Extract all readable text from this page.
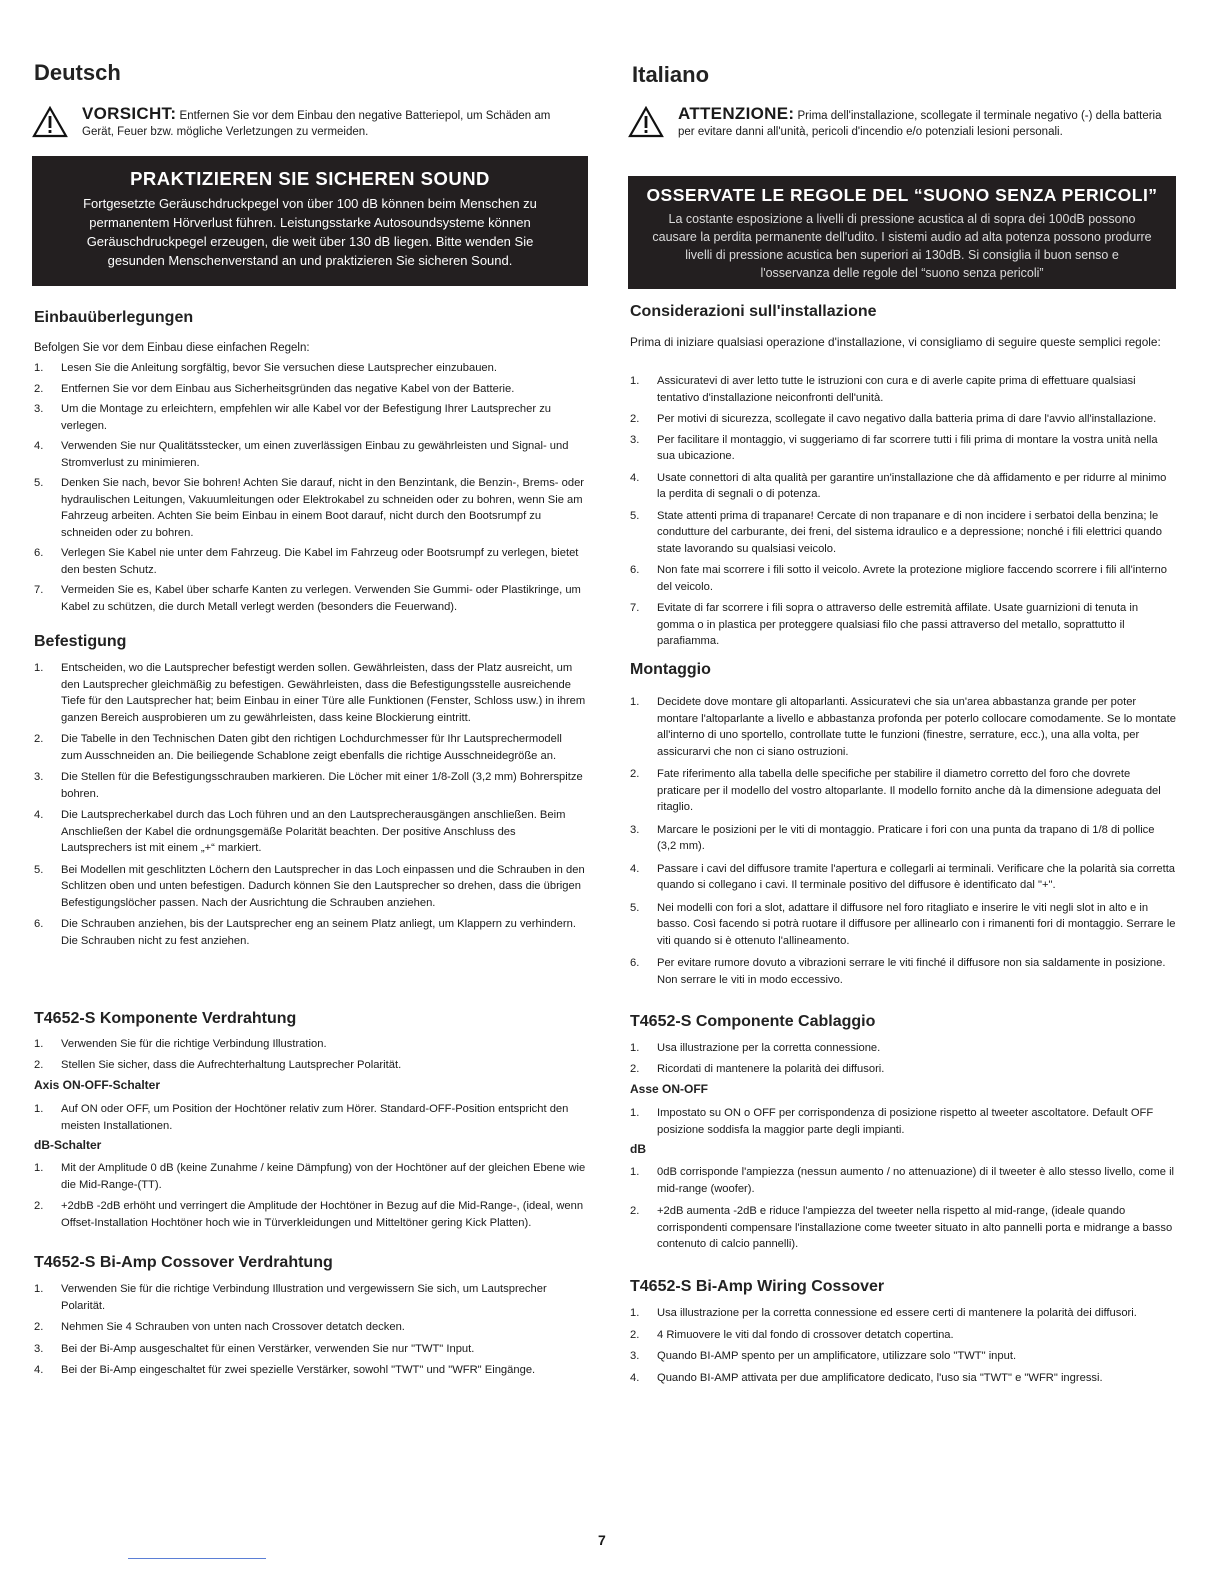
Deutsch
VORSICHT: Entfernen Sie vor dem Einbau den negative Batteriepol, um Schäden am Gerät, Feuer bzw. mögliche Verletzungen zu vermeiden.
PRAKTIZIEREN SIE SICHEREN SOUND
Fortgesetzte Geräuschdruckpegel von über 100 dB können beim Menschen zu permanentem Hörverlust führen. Leistungsstarke Autosoundsysteme können Geräuschdruckpegel erzeugen, die weit über 130 dB liegen. Bitte wenden Sie gesunden Menschenverstand an und praktizieren Sie sicheren Sound.
Einbauüberlegungen
Befolgen Sie vor dem Einbau diese einfachen Regeln:
1.	Lesen Sie die Anleitung sorgfältig, bevor Sie versuchen diese Lautsprecher einzubauen.
2.	Entfernen Sie vor dem Einbau aus Sicherheitsgründen das negative Kabel von der Batterie.
3.	Um die Montage zu erleichtern, empfehlen wir alle Kabel vor der Befestigung Ihrer Lautsprecher zu verlegen.
4.	Verwenden Sie nur Qualitätsstecker, um einen zuverlässigen Einbau zu gewährleisten und Signal- und Stromverlust zu minimieren.
5.	Denken Sie nach, bevor Sie bohren! Achten Sie darauf, nicht in den Benzintank, die Benzin-, Brems- oder hydraulischen Leitungen, Vakuumleitungen oder Elektrokabel zu schneiden oder zu bohren, wenn Sie am Fahrzeug arbeiten. Achten Sie beim Einbau in einem Boot darauf, nicht durch den Bootsrumpf zu schneiden oder zu bohren.
6.	Verlegen Sie Kabel nie unter dem Fahrzeug. Die Kabel im Fahrzeug oder Bootsrumpf zu verlegen, bietet den besten Schutz.
7.	Vermeiden Sie es, Kabel über scharfe Kanten zu verlegen. Verwenden Sie Gummi- oder Plastikringe, um Kabel zu schützen, die durch Metall verlegt werden (besonders die Feuerwand).
Befestigung
1.	Entscheiden, wo die Lautsprecher befestigt werden sollen. Gewährleisten, dass der Platz ausreicht, um den Lautsprecher gleichmäßig zu befestigen. Gewährleisten, dass die Befestigungsstelle ausreichende Tiefe für den Lautsprecher hat; beim Einbau in einer Türe alle Funktionen (Fenster, Schloss usw.) in ihrem ganzen Bereich ausprobieren um zu gewährleisten, dass keine Blockierung eintritt.
2.	Die Tabelle in den Technischen Daten gibt den richtigen Lochdurchmesser für Ihr Lautsprechermodell zum Ausschneiden an. Die beiliegende Schablone zeigt ebenfalls die richtige Ausschneidegröße an.
3.	Die Stellen für die Befestigungsschrauben markieren. Die Löcher mit einer 1/8-Zoll (3,2 mm) Bohrerspitze bohren.
4.	Die Lautsprecherkabel durch das Loch führen und an den Lautsprecherausgängen anschließen. Beim Anschließen der Kabel die ordnungsgemäße Polarität beachten. Der positive Anschluss des Lautsprechers ist mit einem „+“ markiert.
5.	Bei Modellen mit geschlitzten Löchern den Lautsprecher in das Loch einpassen und die Schrauben in den Schlitzen oben und unten befestigen. Dadurch können Sie den Lautsprecher so drehen, dass die übrigen Befestigungslöcher passen. Nach der Ausrichtung die Schrauben anziehen.
6.	Die Schrauben anziehen, bis der Lautsprecher eng an seinem Platz anliegt, um Klappern zu verhindern. Die Schrauben nicht zu fest anziehen.
T4652-S Komponente Verdrahtung
1.	Verwenden Sie für die richtige Verbindung Illustration.
2.	Stellen Sie sicher, dass die Aufrechterhaltung Lautsprecher Polarität.
Axis ON-OFF-Schalter
1.	Auf ON oder OFF, um Position der Hochtöner relativ zum Hörer. Standard-OFF-Position entspricht den meisten Installationen.
dB-Schalter
1.	Mit der Amplitude 0 dB (keine Zunahme / keine Dämpfung) von der Hochtöner auf der gleichen Ebene wie die Mid-Range-(TT).
2.	+2dbB -2dB erhöht und verringert die Amplitude der Hochtöner in Bezug auf die Mid-Range-, (ideal, wenn Offset-Installation Hochtöner hoch wie in Türverkleidungen und Mitteltöner gering Kick Platten).
T4652-S Bi-Amp Cossover Verdrahtung
1.	Verwenden Sie für die richtige Verbindung Illustration und vergewissern Sie sich, um Lautsprecher Polarität.
2.	Nehmen Sie 4 Schrauben von unten nach Crossover detatch decken.
3.	Bei der Bi-Amp ausgeschaltet für einen Verstärker, verwenden Sie nur "TWT" Input.
4.	Bei der Bi-Amp eingeschaltet für zwei spezielle Verstärker, sowohl "TWT" und "WFR" Eingänge.
Italiano
ATTENZIONE: Prima dell'installazione, scollegate il terminale negativo (-) della batteria per evitare danni all'unità, pericoli d'incendio e/o potenziali lesioni personali.
OSSERVATE LE REGOLE DEL “SUONO SENZA PERICOLI”
La costante esposizione a livelli di pressione acustica al di sopra dei 100dB possono causare la perdita permanente dell'udito. I sistemi audio ad alta potenza possono produrre livelli di pressione acustica ben superiori ai 130dB. Si consiglia il buon senso e l'osservanza delle regole del “suono senza pericoli”
Considerazioni sull'installazione
Prima di iniziare qualsiasi operazione d'installazione, vi consigliamo di seguire queste semplici regole:
1.	Assicuratevi di aver letto tutte le istruzioni con cura e di averle capite prima di effettuare qualsiasi tentativo d'installazione neiconfronti dell'unità.
2.	Per motivi di sicurezza, scollegate il cavo negativo dalla batteria prima di dare l'avvio all'installazione.
3.	Per facilitare il montaggio, vi suggeriamo di far scorrere tutti i fili prima di montare la vostra unità nella sua ubicazione.
4.	Usate connettori di alta qualità per garantire un'installazione che dà affidamento e per ridurre al minimo la perdita di segnali o di potenza.
5.	State attenti prima di trapanare! Cercate di non trapanare e di non incidere i serbatoi della benzina; le condutture del carburante, dei freni, del sistema idraulico e a depressione; nonché i fili elettrici quando state lavorando su qualsiasi veicolo.
6.	Non fate mai scorrere i fili sotto il veicolo. Avrete la protezione migliore faccendo scorrere i fili all'interno del veicolo.
7.	Evitate di far scorrere i fili sopra o attraverso delle estremità affilate. Usate guarnizioni di tenuta in gomma o in plastica per proteggere qualsiasi filo che passi attraverso del metallo, soprattutto il parafiamma.
Montaggio
1.	Decidete dove montare gli altoparlanti. Assicuratevi che sia un'area abbastanza grande per poter montare l'altoparlante a livello e abbastanza profonda per poterlo collocare comodamente. Se lo montate all'interno di uno sportello, controllate tutte le funzioni (finestre, serrature, ecc.), una alla volta, per assicurarvi che non ci siano ostruzioni.
2.	Fate riferimento alla tabella delle specifiche per stabilire il diametro corretto del foro che dovrete praticare per il modello del vostro altoparlante. Il modello fornito anche dà la dimensione adeguata del ritaglio.
3.	Marcare le posizioni per le viti di montaggio. Praticare i fori con una punta da trapano di 1/8 di pollice (3,2 mm).
4.	Passare i cavi del diffusore tramite l'apertura e collegarli ai terminali. Verificare che la polarità sia corretta quando si collegano i cavi. Il terminale positivo del diffusore è identificato dal "+".
5.	Nei modelli con fori a slot, adattare il diffusore nel foro ritagliato e inserire le viti negli slot in alto e in basso. Così facendo si potrà ruotare il diffusore per allinearlo con i rimanenti fori di montaggio. Serrare le viti quando si è ottenuto l'allineamento.
6.	Per evitare rumore dovuto a vibrazioni serrare le viti finché il diffusore non sia saldamente in posizione. Non serrare le viti in modo eccessivo.
T4652-S Componente Cablaggio
1.	Usa illustrazione per la corretta connessione.
2.	Ricordati di mantenere la polarità dei diffusori.
Asse ON-OFF
1.	Impostato su ON o OFF per corrispondenza di posizione rispetto al tweeter ascoltatore. Default OFF posizione soddisfa la maggior parte degli impianti.
dB
1.	0dB corrisponde l'ampiezza (nessun aumento / no attenuazione) di il tweeter è allo stesso livello, come il mid-range (woofer).
2.	+2dB aumenta -2dB e riduce l'ampiezza del tweeter nella rispetto al mid-range, (ideale quando corrispondenti compensare l'installazione come tweeter situato in alto pannelli porta e midrange a basso contenuto di calcio pannelli).
T4652-S Bi-Amp Wiring Cossover
1.	Usa illustrazione per la corretta connessione ed essere certi di mantenere la polarità dei diffusori.
2.	4 Rimuovere le viti dal fondo di crossover detatch copertina.
3.	Quando BI-AMP spento per un amplificatore, utilizzare solo "TWT" input.
4.	Quando BI-AMP attivata per due amplificatore dedicato, l'uso sia "TWT" e "WFR" ingressi.
7
